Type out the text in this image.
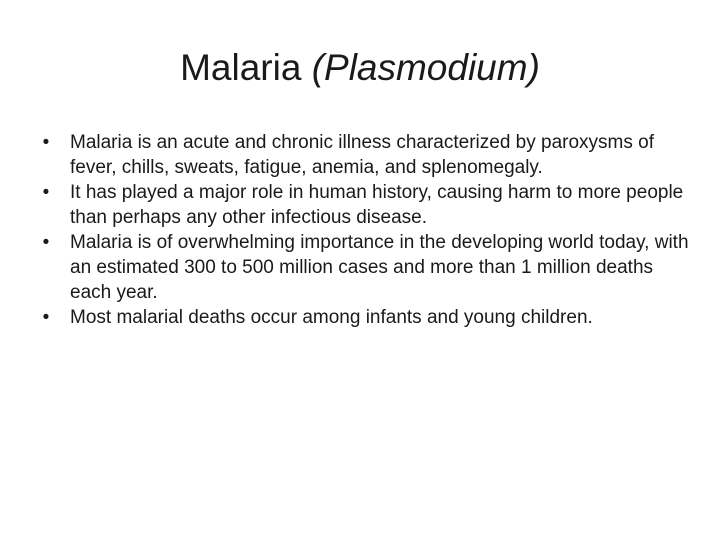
Malaria (Plasmodium)
•	Malaria is an acute and chronic illness characterized by paroxysms of fever, chills, sweats, fatigue, anemia, and splenomegaly.
•	It has played a major role in human history, causing harm to more people than perhaps any other infectious disease.
•	Malaria is of overwhelming importance in the developing world today, with an estimated 300 to 500 million cases and more than 1 million deaths each year.
•	Most malarial deaths occur among infants and young children.
